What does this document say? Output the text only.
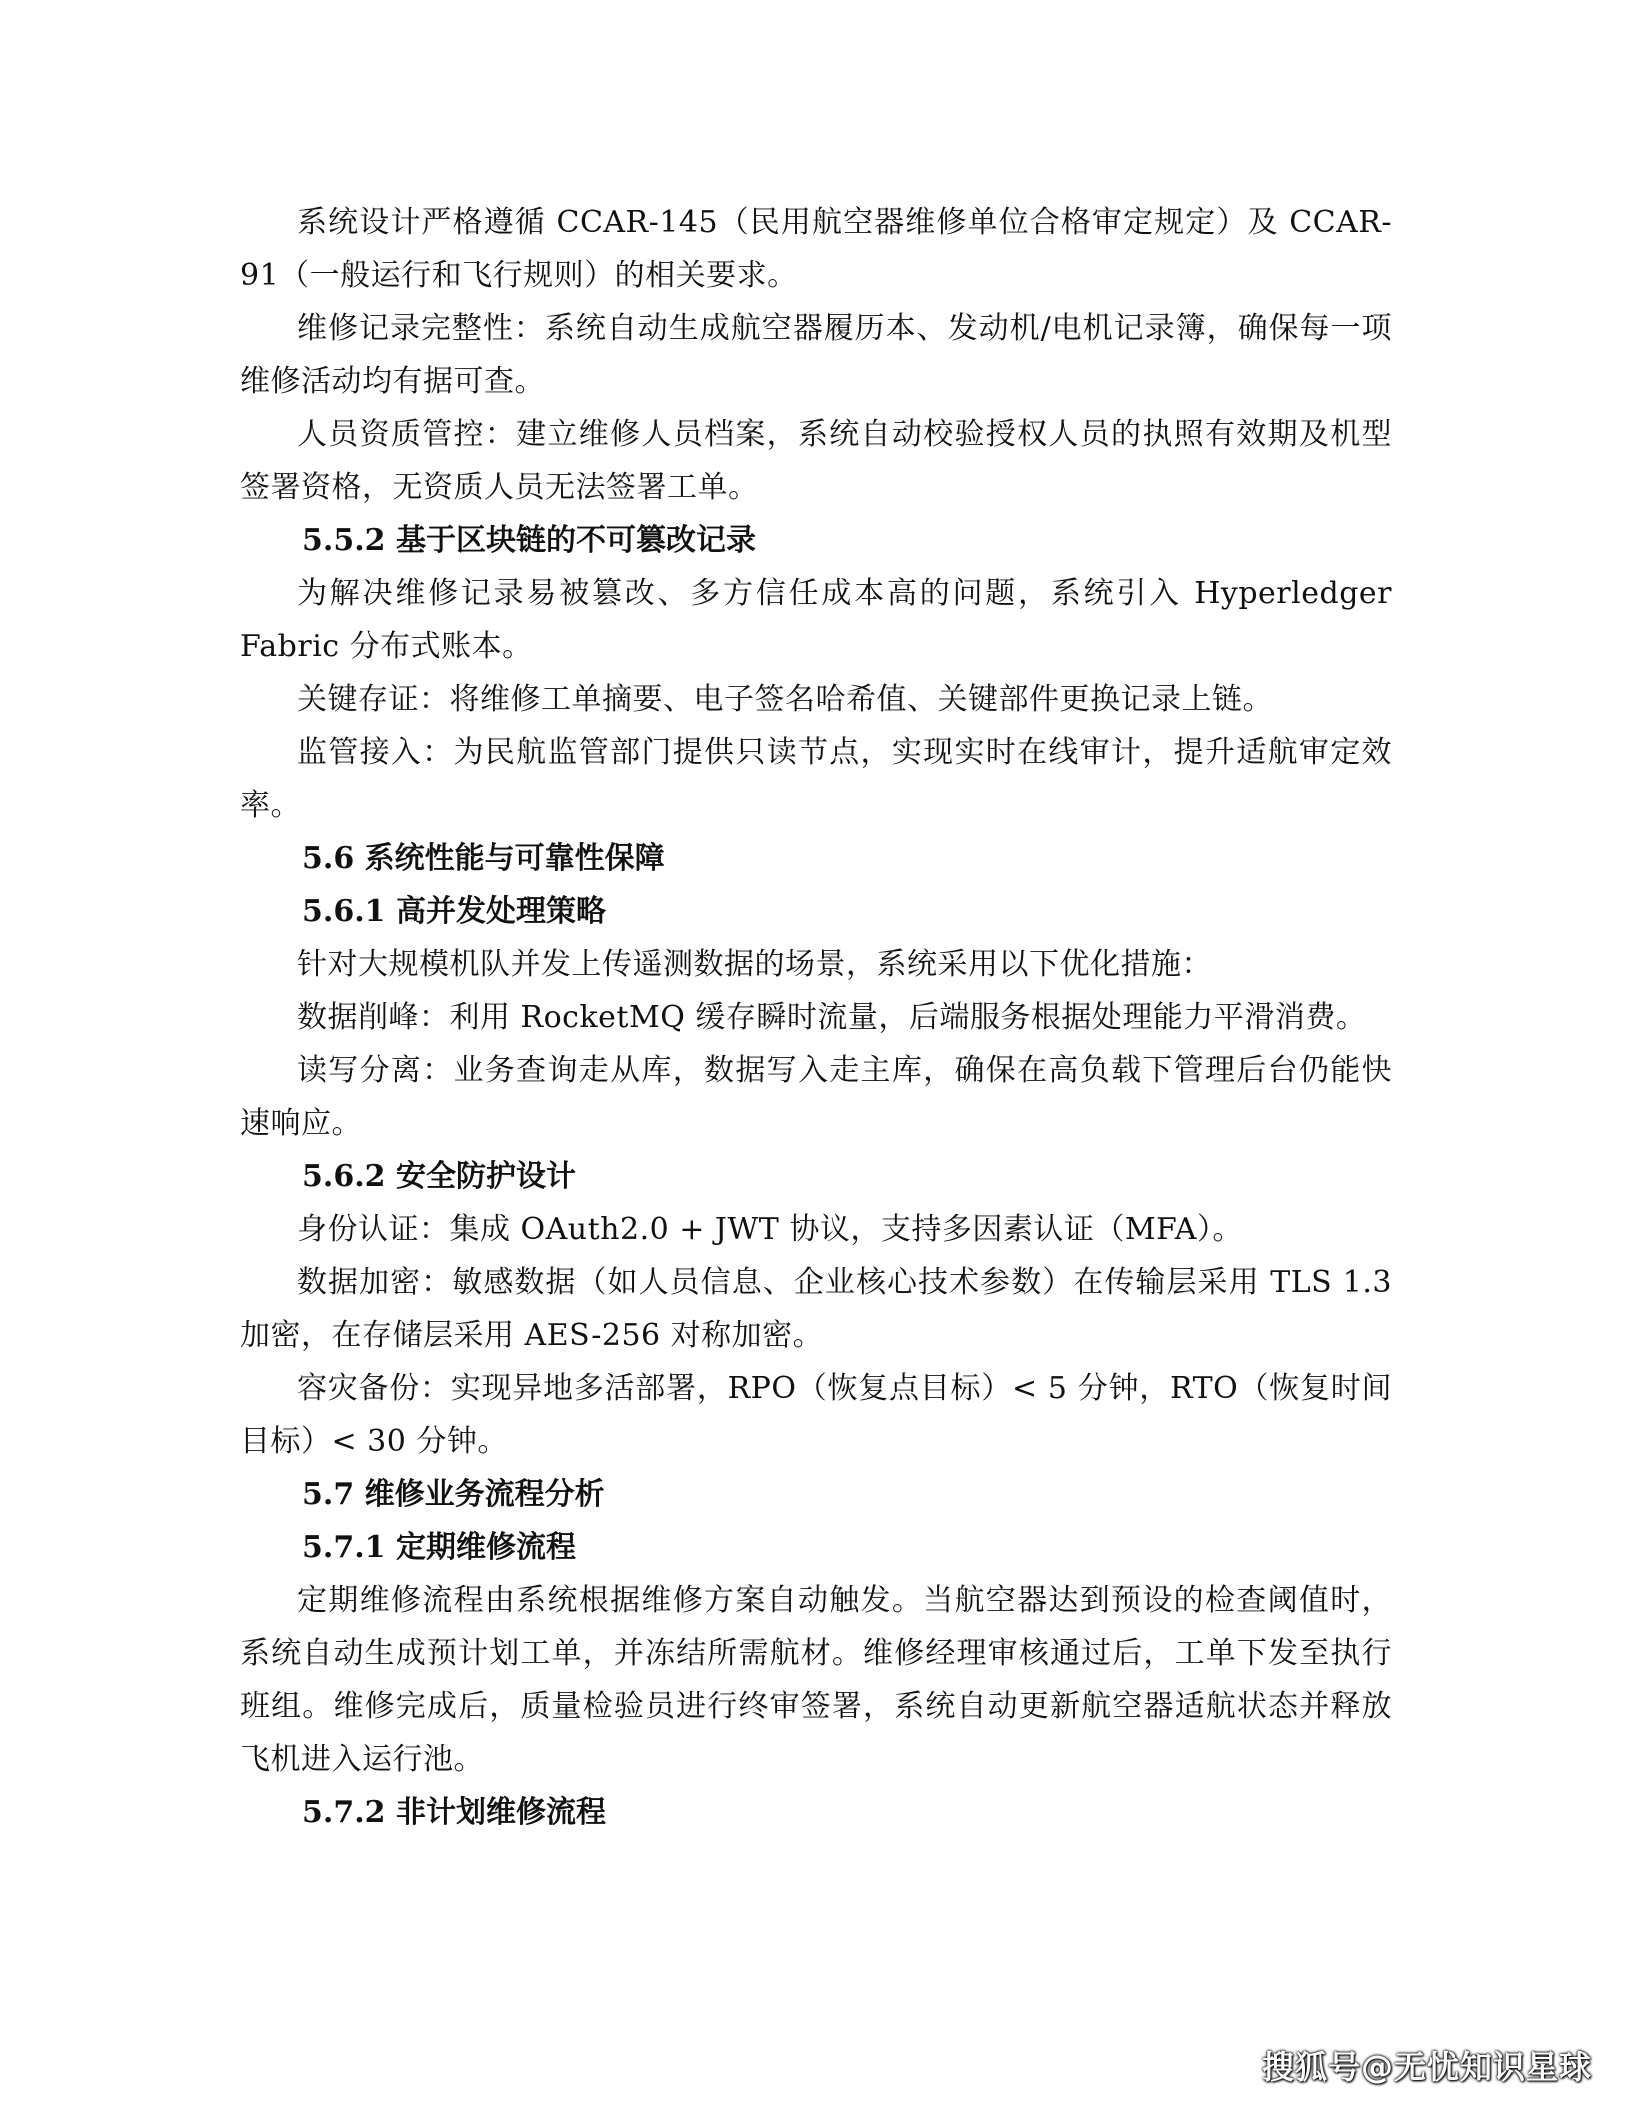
系统设计严格遵循 CCAR-145（民用航空器维修单位合格审定规定）及 CCAR-91（一般运行和飞行规则）的相关要求。

维修记录完整性：系统自动生成航空器履历本、发动机/电机记录簿，确保每一项维修活动均有据可查。

人员资质管控：建立维修人员档案，系统自动校验授权人员的执照有效期及机型签署资格，无资质人员无法签署工单。

5.5.2 基于区块链的不可篡改记录

为解决维修记录易被篡改、多方信任成本高的问题，系统引入 Hyperledger Fabric 分布式账本。

关键存证：将维修工单摘要、电子签名哈希值、关键部件更换记录上链。

监管接入：为民航监管部门提供只读节点，实现实时在线审计，提升适航审定效率。

5.6 系统性能与可靠性保障
5.6.1 高并发处理策略

针对大规模机队并发上传遥测数据的场景，系统采用以下优化措施：

数据削峰：利用 RocketMQ 缓存瞬时流量，后端服务根据处理能力平滑消费。

读写分离：业务查询走从库，数据写入走主库，确保在高负载下管理后台仍能快速响应。

5.6.2 安全防护设计

身份认证：集成 OAuth2.0 + JWT 协议，支持多因素认证（MFA）。

数据加密：敏感数据（如人员信息、企业核心技术参数）在传输层采用 TLS 1.3 加密，在存储层采用 AES-256 对称加密。

容灾备份：实现异地多活部署，RPO（恢复点目标）< 5 分钟，RTO（恢复时间目标）< 30 分钟。

5.7 维修业务流程分析
5.7.1 定期维修流程

定期维修流程由系统根据维修方案自动触发。当航空器达到预设的检查阈值时，系统自动生成预计划工单，并冻结所需航材。维修经理审核通过后，工单下发至执行班组。维修完成后，质量检验员进行终审签署，系统自动更新航空器适航状态并释放飞机进入运行池。

5.7.2 非计划维修流程
搜狐号@无忧知识星球
